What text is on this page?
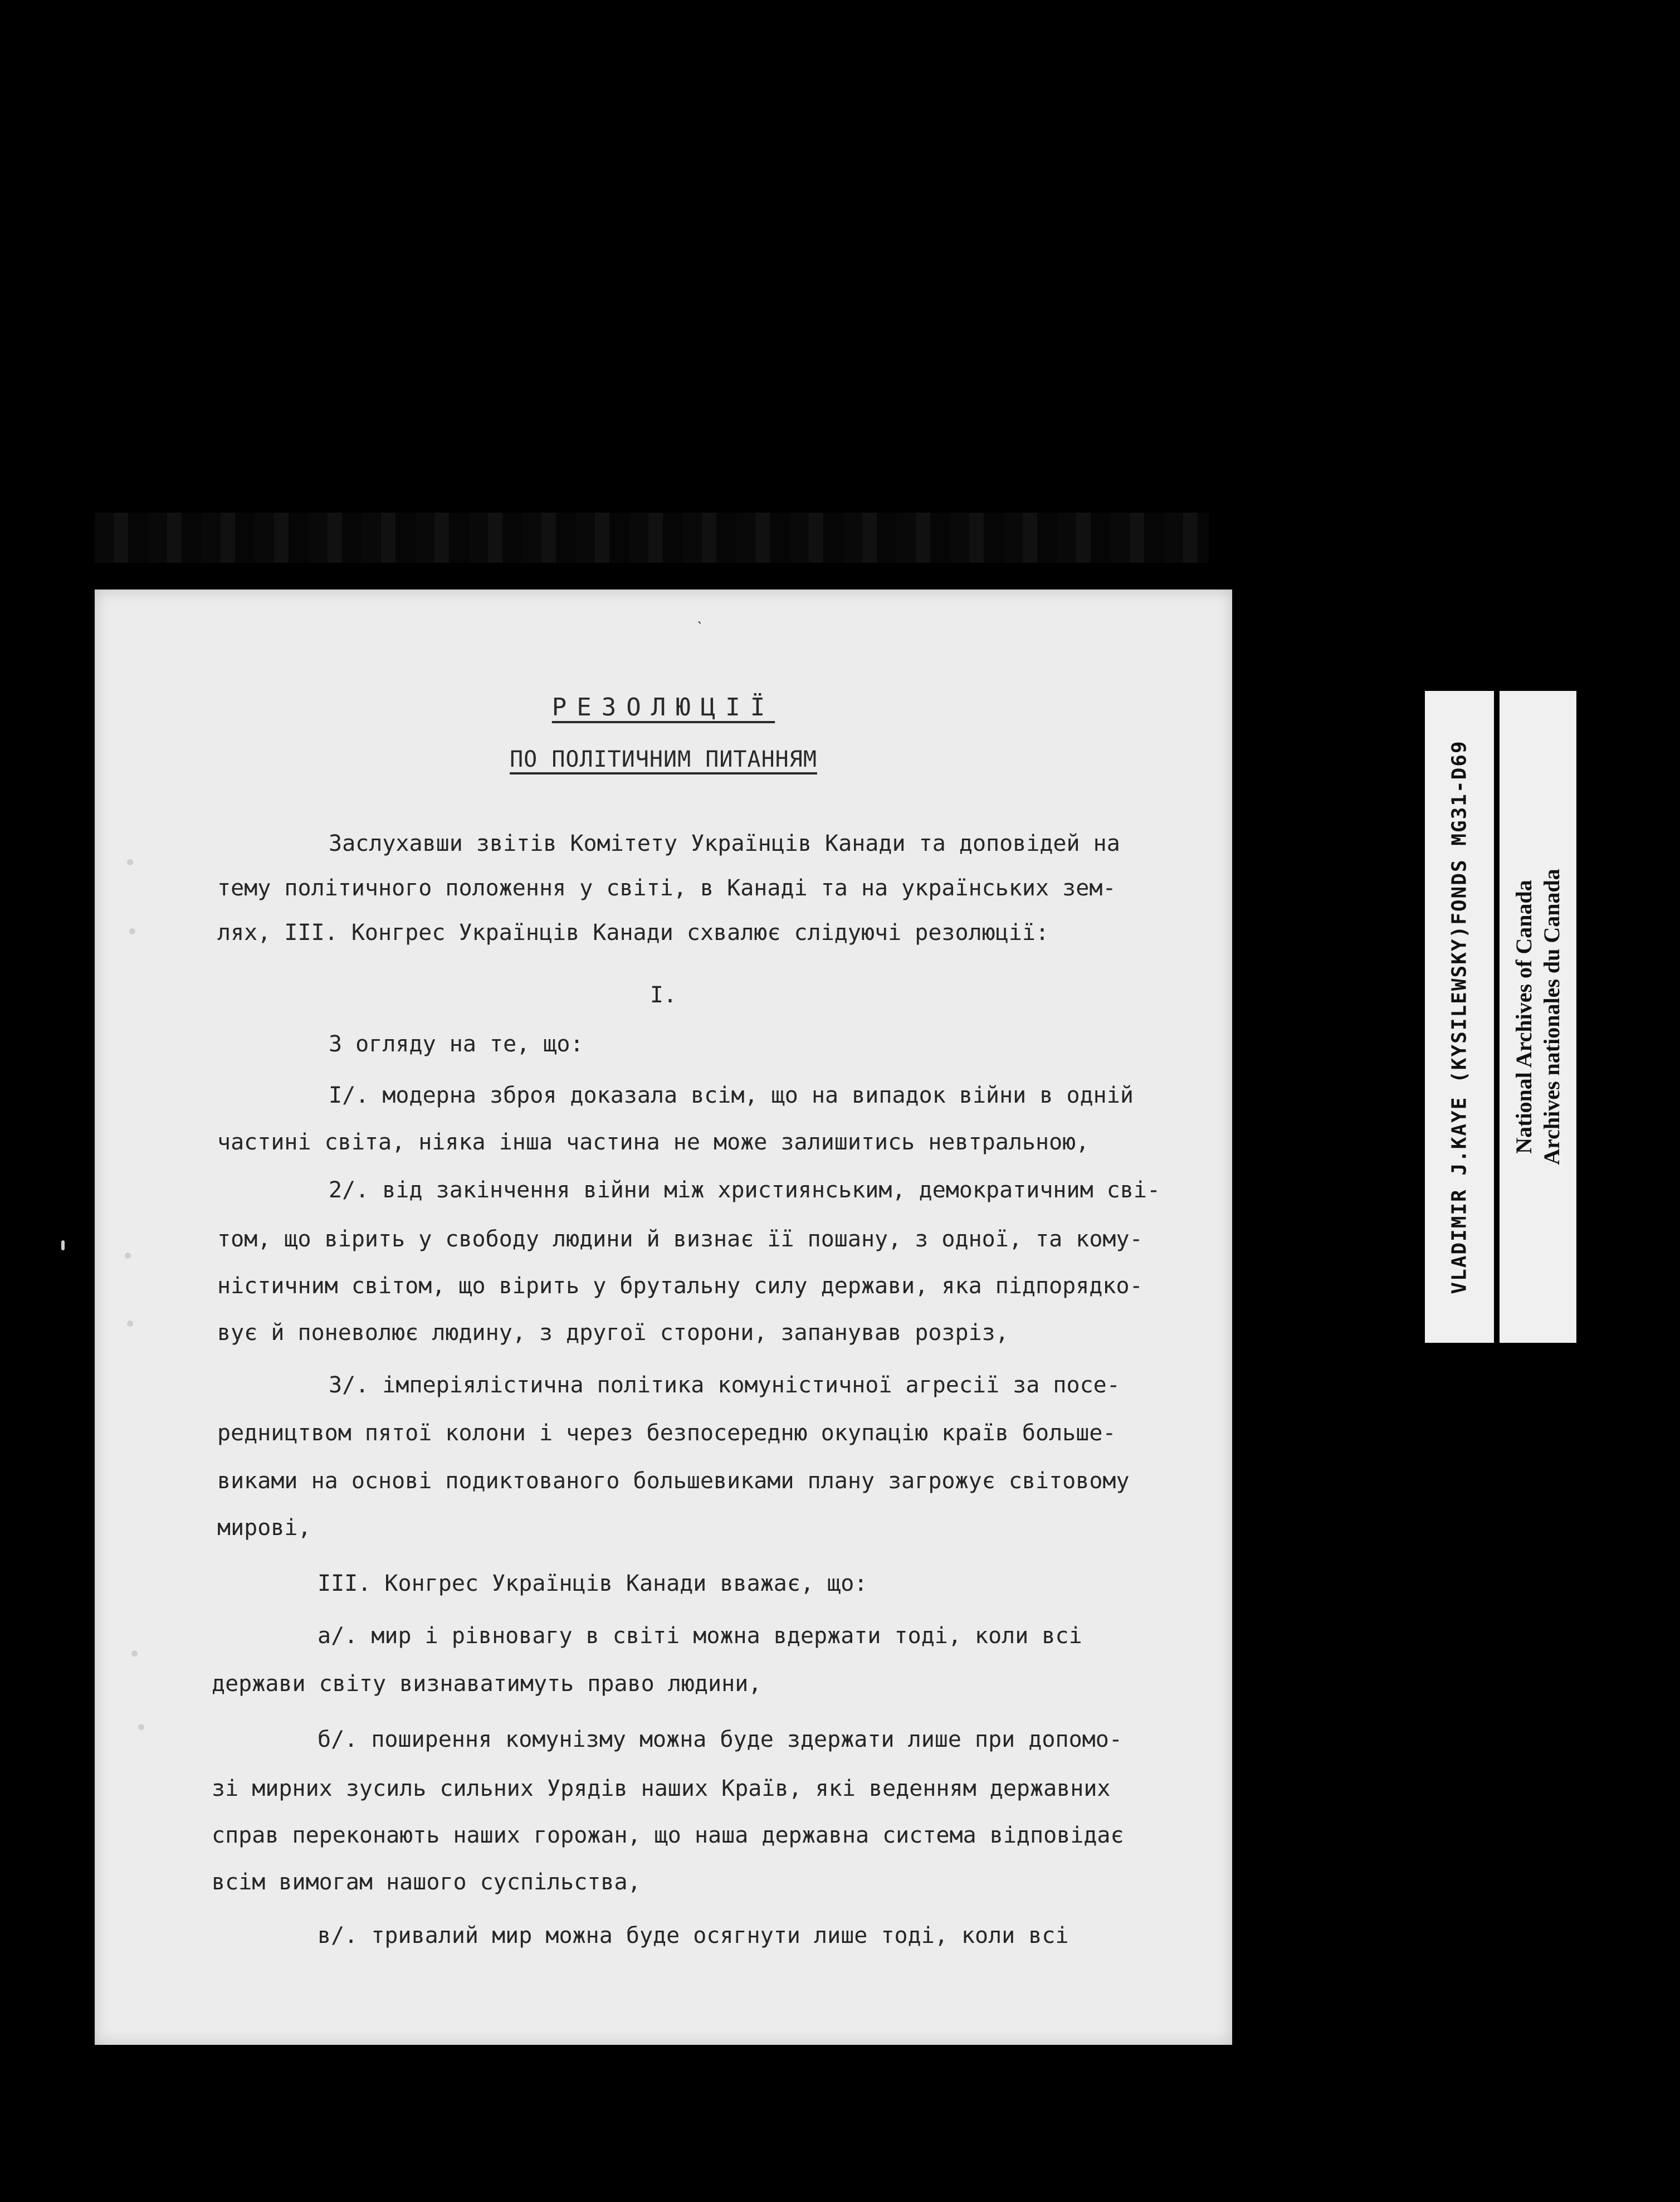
ˋ
РЕЗОЛЮЦІЇ
ПО ПОЛІТИЧНИМ ПИТАННЯМ
Заслухавши звітів Комітету Українців Канади та доповідей на
тему політичного положення у світі, в Канаді та на українських зем-
лях, III. Конгрес Українців Канади схвалює слідуючі резолюції:
I.
З огляду на те, що:
I/. модерна зброя доказала всім, що на випадок війни в одній
частині світа, ніяка інша частина не може залишитись невтральною,
2/. від закінчення війни між християнським, демократичним сві-
том, що вірить у свободу людини й визнає її пошану, з одної, та кому-
ністичним світом, що вірить у брутальну силу держави, яка підпорядко-
вує й поневолює людину, з другої сторони, запанував розріз,
3/. імперіялістична політика комуністичної агресії за посе-
редництвом пятої колони і через безпосередню окупацію країв больше-
виками на основі подиктованого большевиками плану загрожує світовому
мирові,
III. Конгрес Українців Канади вважає, що:
а/. мир і рівновагу в світі можна вдержати тоді, коли всі
держави світу визнаватимуть право людини,
б/. поширення комунізму можна буде здержати лише при допомо-
зі мирних зусиль сильних Урядів наших Країв, які веденням державних
справ переконають наших горожан, що наша державна система відповідає
всім вимогам нашого суспільства,
в/. тривалий мир можна буде осягнути лише тоді, коли всі
VLADIMIR J.KAYE (KYSILEWSKY)FONDS MG31-D69 National Archives of Canada Archives nationales du Canada
